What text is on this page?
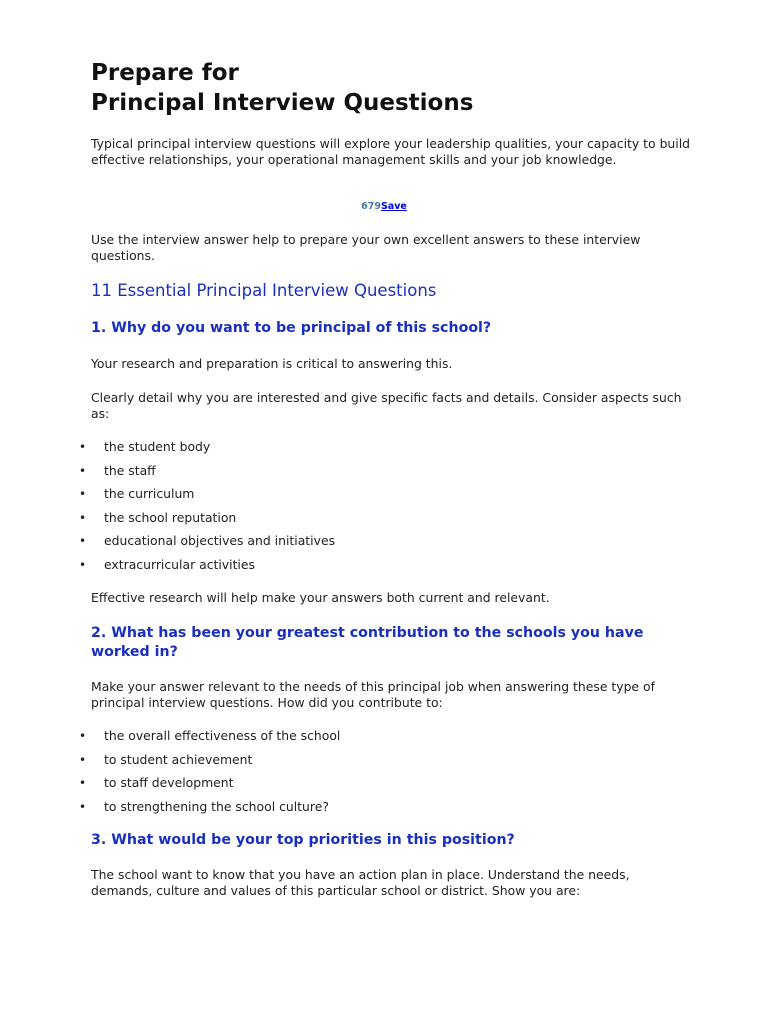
Prepare for
Principal Interview Questions

Typical principal interview questions will explore your leadership qualities, your capacity to build effective relationships, your operational management skills and your job knowledge.

679Save

Use the interview answer help to prepare your own excellent answers to these interview questions.

11 Essential Principal Interview Questions
1. Why do you want to be principal of this school?

Your research and preparation is critical to answering this.

Clearly detail why you are interested and give specific facts and details. Consider aspects such as:

• the student body
• the staff
• the curriculum
• the school reputation
• educational objectives and initiatives
• extracurricular activities

Effective research will help make your answers both current and relevant.

2. What has been your greatest contribution to the schools you have worked in?

Make your answer relevant to the needs of this principal job when answering these type of principal interview questions. How did you contribute to:

• the overall effectiveness of the school
• to student achievement
• to staff development
• to strengthening the school culture?
3. What would be your top priorities in this position?

The school want to know that you have an action plan in place. Understand the needs, demands, culture and values of this particular school or district. Show you are:
